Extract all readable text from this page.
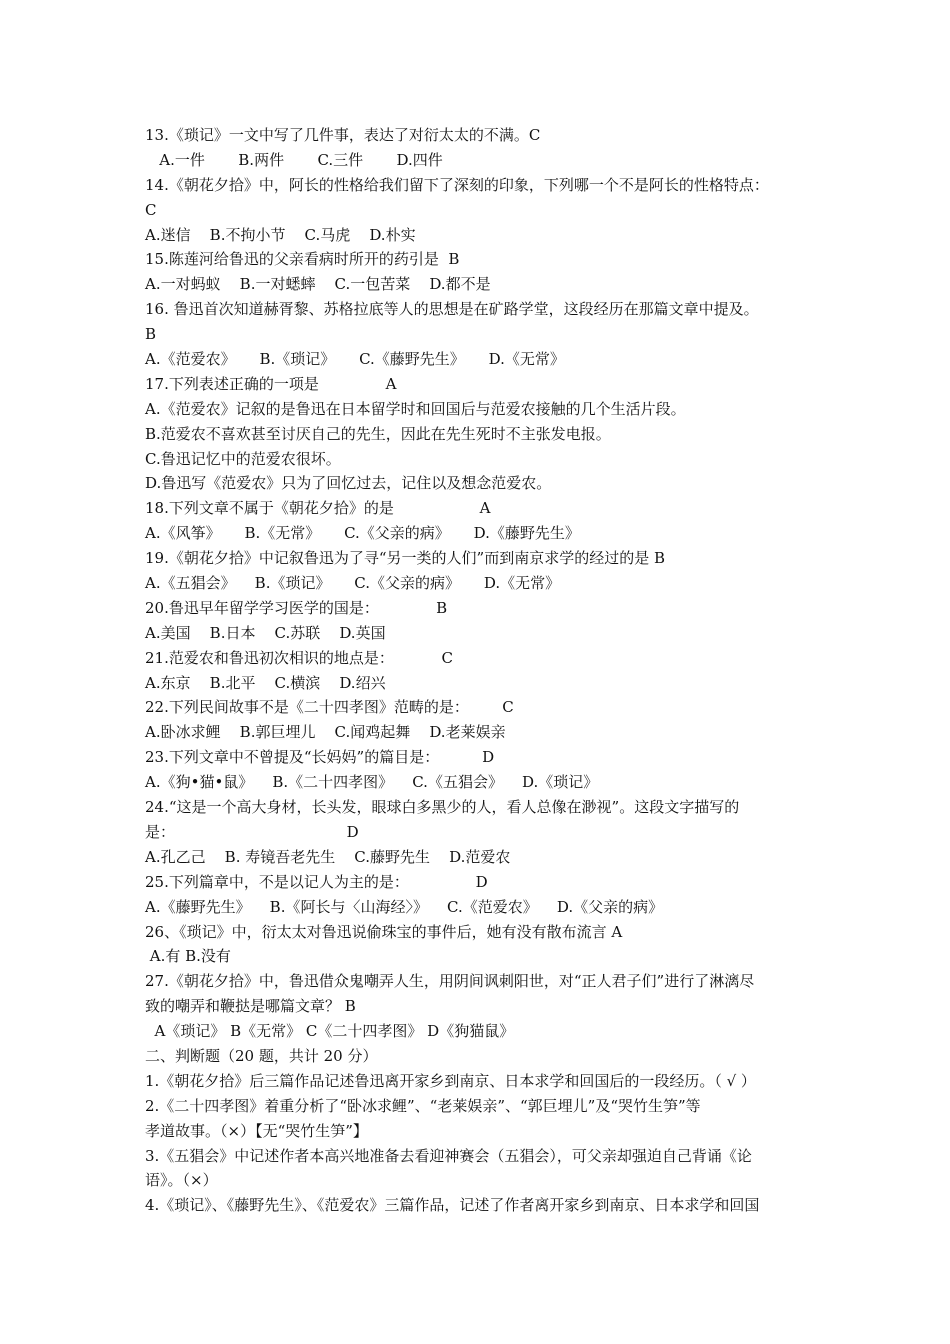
13.《琐记》一文中写了几件事，表达了对衍太太的不满。C
A.一件       B.两件       C.三件       D.四件
14.《朝花夕拾》中，阿长的性格给我们留下了深刻的印象，下列哪一个不是阿长的性格特点：
C
A.迷信    B.不拘小节    C.马虎    D.朴实
15.陈莲河给鲁迅的父亲看病时所开的药引是  B
A.一对蚂蚁    B.一对蟋蟀    C.一包苦菜    D.都不是
16. 鲁迅首次知道赫胥黎、苏格拉底等人的思想是在矿路学堂，这段经历在那篇文章中提及。
B
A.《范爱农》     B.《琐记》     C.《藤野先生》     D.《无常》
17.下列表述正确的一项是              A
A.《范爱农》记叙的是鲁迅在日本留学时和回国后与范爱农接触的几个生活片段。
B.范爱农不喜欢甚至讨厌自己的先生，因此在先生死时不主张发电报。
C.鲁迅记忆中的范爱农很坏。
D.鲁迅写《范爱农》只为了回忆过去，记住以及想念范爱农。
18.下列文章不属于《朝花夕拾》的是                  A
A.《风筝》     B.《无常》     C.《父亲的病》     D.《藤野先生》
19.《朝花夕拾》中记叙鲁迅为了寻“另一类的人们”而到南京求学的经过的是 B
A.《五猖会》    B.《琐记》     C.《父亲的病》     D.《无常》
20.鲁迅早年留学学习医学的国是：            B
A.美国    B.日本    C.苏联    D.英国
21.范爱农和鲁迅初次相识的地点是：          C
A.东京    B.北平    C.横滨    D.绍兴
22.下列民间故事不是《二十四孝图》范畴的是：       C
A.卧冰求鲤    B.郭巨埋儿    C.闻鸡起舞    D.老莱娱亲
23.下列文章中不曾提及“长妈妈”的篇目是：         D
A.《狗•猫•鼠》    B.《二十四孝图》    C.《五猖会》    D.《琐记》
24.“这是一个高大身材，长头发，眼球白多黑少的人，看人总像在渺视”。这段文字描写的
是：                                    D
A.孔乙己    B. 寿镜吾老先生    C.藤野先生    D.范爱农
25.下列篇章中，不是以记人为主的是：              D
A.《藤野先生》    B.《阿长与〈山海经〉》    C.《范爱农》    D.《父亲的病》
26、《琐记》中，衍太太对鲁迅说偷珠宝的事件后，她有没有散布流言 A
A.有 B.没有
27.《朝花夕拾》中，鲁迅借众鬼嘲弄人生，用阴间讽刺阳世，对“正人君子们”进行了淋漓尽
致的嘲弄和鞭挞是哪篇文章？ B
A《琐记》 B《无常》 C《二十四孝图》 D《狗猫鼠》
二、判断题（20 题，共计 20 分）
1.《朝花夕拾》后三篇作品记述鲁迅离开家乡到南京、日本求学和回国后的一段经历。（ √ ）
2.《二十四孝图》着重分析了“卧冰求鲤”、“老莱娱亲”、“郭巨埋儿”及“哭竹生笋”等
孝道故事。（×）【无“哭竹生笋”】
3.《五猖会》中记述作者本高兴地准备去看迎神赛会（五猖会），可父亲却强迫自己背诵《论
语》。（×）
4.《琐记》、《藤野先生》、《范爱农》三篇作品，记述了作者离开家乡到南京、日本求学和回国
